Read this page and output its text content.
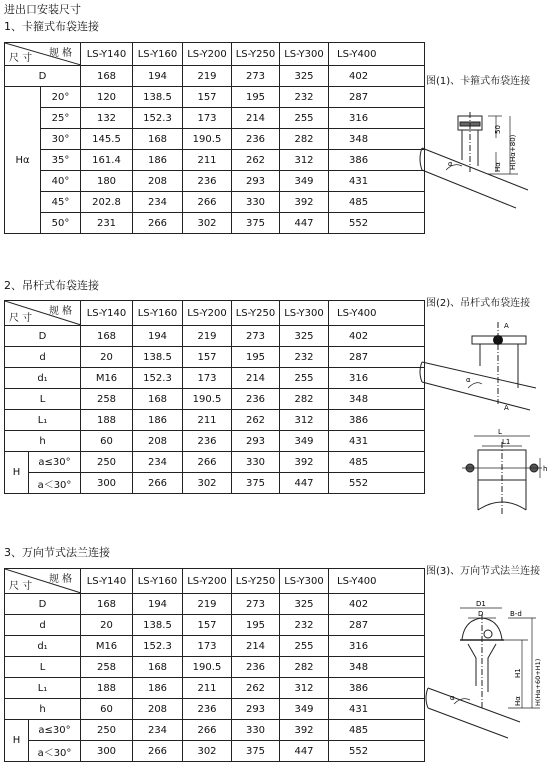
进出口安装尺寸
1、卡箍式布袋连接
规 格
尺 寸		LS-Y140	LS-Y160	LS-Y200	LS-Y250	LS-Y300	LS-Y400
D		168	194	219	273	325	402
Hα	20°	120	138.5	157	195	232	287
	25°	132	152.3	173	214	255	316
	30°	145.5	168	190.5	236	282	348
	35°	161.4	186	211	262	312	386
	40°	180	208	236	293	349	431
	45°	202.8	234	266	330	392	485
	50°	231	266	302	375	447	552
图(1)、卡箍式布袋连接
50
Hα H(Hα+80)
α
2、吊杆式布袋连接
规 格
尺 寸		LS-Y140	LS-Y160	LS-Y200	LS-Y250	LS-Y300	LS-Y400
D		168	194	219	273	325	402
d		20	138.5	157	195	232	287
d₁		M16	152.3	173	214	255	316
L		258	168	190.5	236	282	348
L₁		188	186	211	262	312	386
h		60	208	236	293	349	431
H	a≤30°	250	234	266	330	392	485
	a＜30°	300	266	302	375	447	552
图(2)、吊杆式布袋连接
A
A
α
L
L1
h
3、万向节式法兰连接
规 格
尺 寸		LS-Y140	LS-Y160	LS-Y200	LS-Y250	LS-Y300	LS-Y400
D		168	194	219	273	325	402
d		20	138.5	157	195	232	287
d₁		M16	152.3	173	214	255	316
L		258	168	190.5	236	282	348
L₁		188	186	211	262	312	386
h		60	208	236	293	349	431
H	a≤30°	250	234	266	330	392	485
	a＜30°	300	266	302	375	447	552
图(3)、万向节式法兰连接
D1
D	B-d
α
H1
Hα H(Hα+60+H1)
